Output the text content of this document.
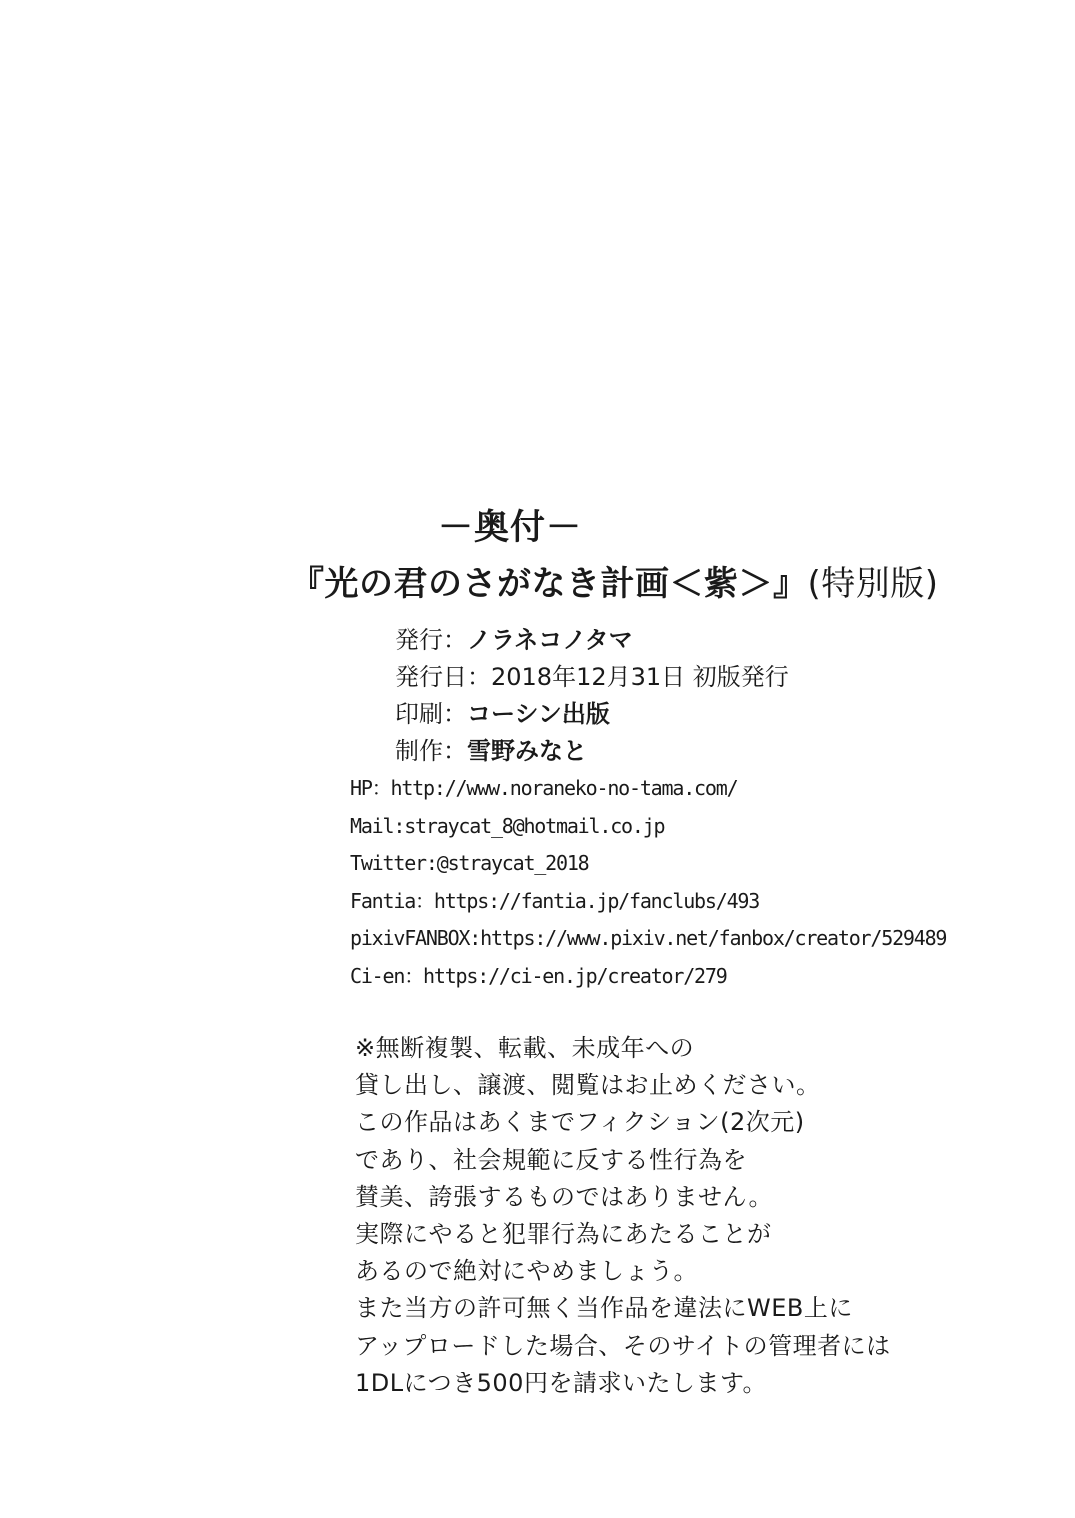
－奥付－
『光の君のさがなき計画＜紫＞』(特別版)
発行：ノラネコノタマ
発行日：2018年12月31日 初版発行
印刷：コーシン出版
制作：雪野みなと
HP：http://www.noraneko-no-tama.com/
Mail:straycat_8@hotmail.co.jp
Twitter:@straycat_2018
Fantia：https://fantia.jp/fanclubs/493
pixivFANBOX:https://www.pixiv.net/fanbox/creator/529489
Ci-en：https://ci-en.jp/creator/279
※無断複製、転載、未成年への
貸し出し、譲渡、閲覧はお止めください。
この作品はあくまでフィクション(2次元)
であり、社会規範に反する性行為を
賛美、誇張するものではありません。
実際にやると犯罪行為にあたることが
あるので絶対にやめましょう。
また当方の許可無く当作品を違法にWEB上に
アップロードした場合、そのサイトの管理者には
1DLにつき500円を請求いたします。
